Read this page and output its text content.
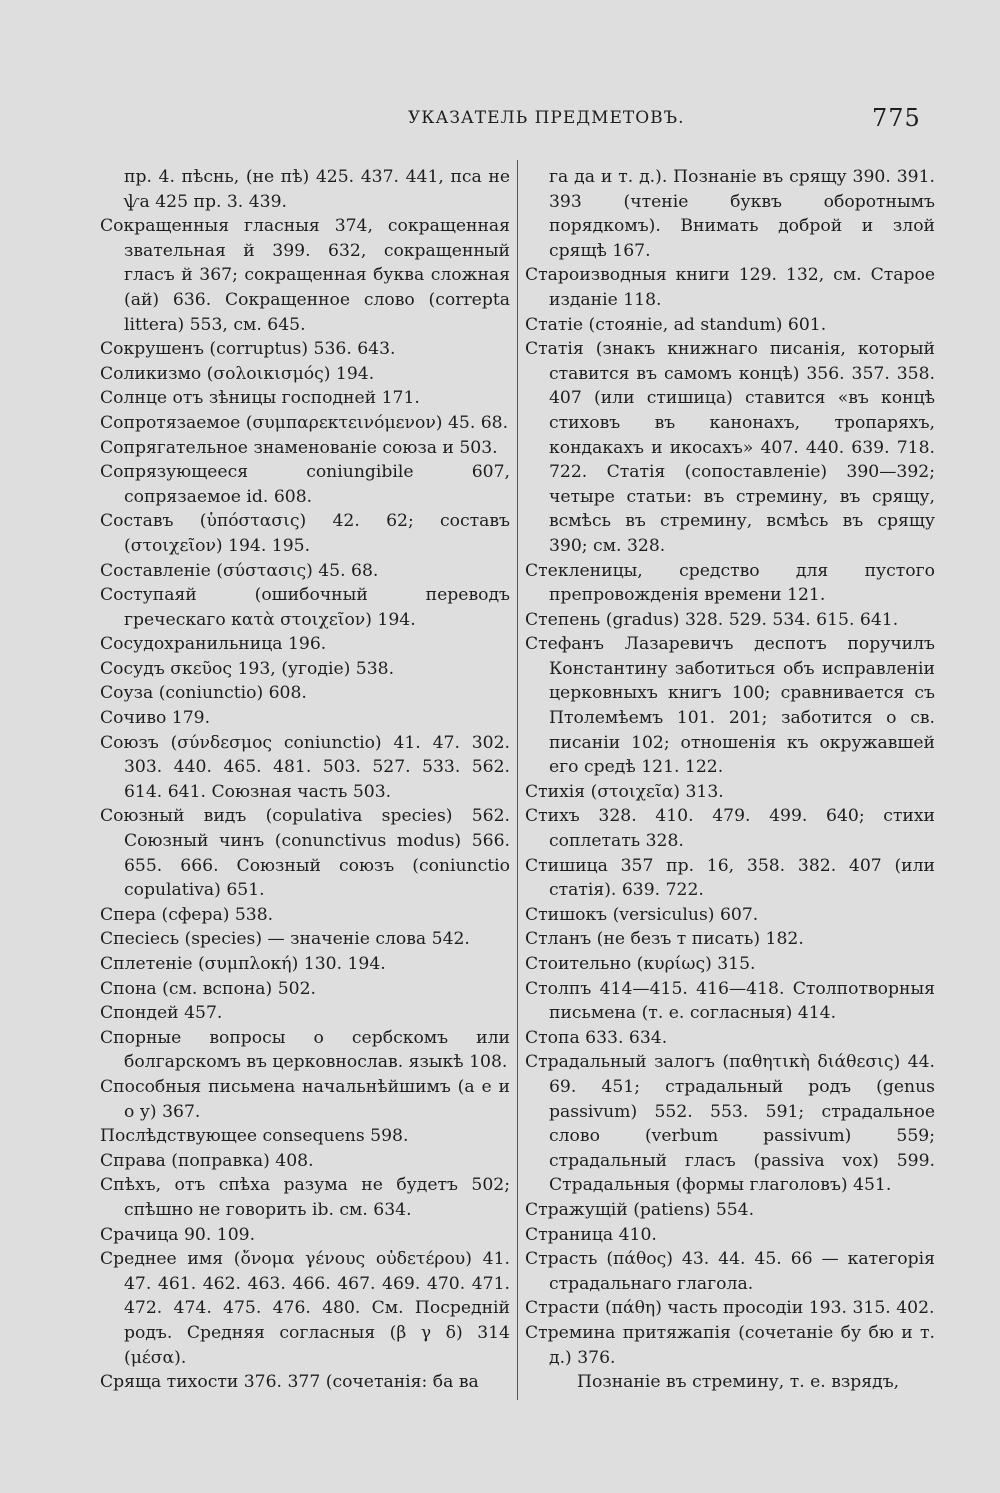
УКАЗАТЕЛЬ ПРЕДМЕТОВЪ.	775

пр. 4. пѣснь, (не пѣ) 425. 437. 441, пса не ѱа 425 пр. 3. 439.

Сокращенныя гласныя 374, сокращенная звательная й 399. 632, сокращенный гласъ й 367; сокращенная буква сложная (ай) 636. Сокращенное слово (corrеpta littera) 553, см. 645.

Сокрушенъ (corruptus) 536. 643.

Соликизмо (σολοικισμός) 194.

Солнце отъ зѣницы господней 171.

Сопротязаемое (συμπαρεκτεινόμενον) 45. 68.

Сопрягательное знаменованіе союза и 503.

Сопрязующееся coniungibile 607, сопрязаемое id. 608.

Составъ (ὑπόστασις) 42. 62; составъ (στοιχεῖον) 194. 195.

Составленіе (σύστασις) 45. 68.

Соступаяй (ошибочный переводъ греческаго κατὰ στοιχεῖον) 194.

Сосудохранильница 196.

Сосудъ σκεῦος 193, (угодіе) 538.

Соуза (coniunctio) 608.

Сочиво 179.

Союзъ (σύνδεσμος coniunctio) 41. 47. 302. 303. 440. 465. 481. 503. 527. 533. 562. 614. 641. Союзная часть 503.

Союзный видъ (copulativa species) 562. Союзный чинъ (conunctivus modus) 566. 655. 666. Союзный союзъ (coniunctio copulativa) 651.

Спера (сфера) 538.

Спесіесь (species) — значеніе слова 542.

Сплетеніе (συμπλοκή) 130. 194.

Спона (см. вспона) 502.

Спондей 457.

Спорные вопросы о сербскомъ или болгарскомъ въ церковнослав. языкѣ 108.

Способныя письмена начальнѣйшимъ (а е и о у) 367.

Послѣдствующее consequens 598.

Справа (поправка) 408.

Спѣхъ, отъ спѣха разума не будетъ 502; спѣшно не говорить ib. см. 634.

Срачица 90. 109.

Среднее имя (ὄνομα γένους οὐδετέρου) 41. 47. 461. 462. 463. 466. 467. 469. 470. 471. 472. 474. 475. 476. 480. См. Посредній родъ. Средняя согласныя (β γ δ) 314 (μέσα).

Сряща тихости 376. 377 (сочетанія: ба ва

га да и т. д.). Познаніе въ срящу 390. 391. 393 (чтеніе буквъ оборотнымъ порядкомъ). Внимать доброй и злой срящѣ 167.

Староизводныя книги 129. 132, см. Старое изданіе 118.

Статіе (стояніе, ad standum) 601.

Статія (знакъ книжнаго писанія, который ставится въ самомъ концѣ) 356. 357. 358. 407 (или стишица) ставится «въ концѣ стиховъ въ канонахъ, тропаряхъ, кондакахъ и икосахъ» 407. 440. 639. 718. 722. Статія (сопоставленіе) 390—392; четыре статьи: въ стремину, въ срящу, всмѣсь въ стремину, всмѣсь въ срящу 390; см. 328.

Стекленицы, средство для пустого препровожденія времени 121.

Степень (gradus) 328. 529. 534. 615. 641.

Стефанъ Лазаревичъ деспотъ поручилъ Константину заботиться объ исправленіи церковныхъ книгъ 100; сравнивается съ Птолемѣемъ 101. 201; заботится о св. писаніи 102; отношенія къ окружавшей его средѣ 121. 122.

Стихія (στοιχεῖα) 313.

Стихъ 328. 410. 479. 499. 640; стихи соплетать 328.

Стишица 357 пр. 16, 358. 382. 407 (или статія). 639. 722.

Стишокъ (versiculus) 607.

Стланъ (не безъ т писать) 182.

Стоительно (κυρίως) 315.

Столпъ 414—415. 416—418. Столпотворныя письмена (т. е. согласныя) 414.

Стопа 633. 634.

Страдальный залогъ (παθητικὴ διάθεσις) 44. 69. 451; страдальный родъ (genus passivum) 552. 553. 591; страдальное слово (verbum passivum) 559; страдальный гласъ (passiva vox) 599. Страдальныя (формы глаголовъ) 451.

Стражущій (patiens) 554.

Страница 410.

Страсть (πάθος) 43. 44. 45. 66 — категорія страдальнаго глагола.

Страсти (πάθη) часть просодіи 193. 315. 402.

Стремина притяжапія (сочетаніе бу бю и т. д.) 376.

Познаніе въ стремину, т. е. взрядъ,
